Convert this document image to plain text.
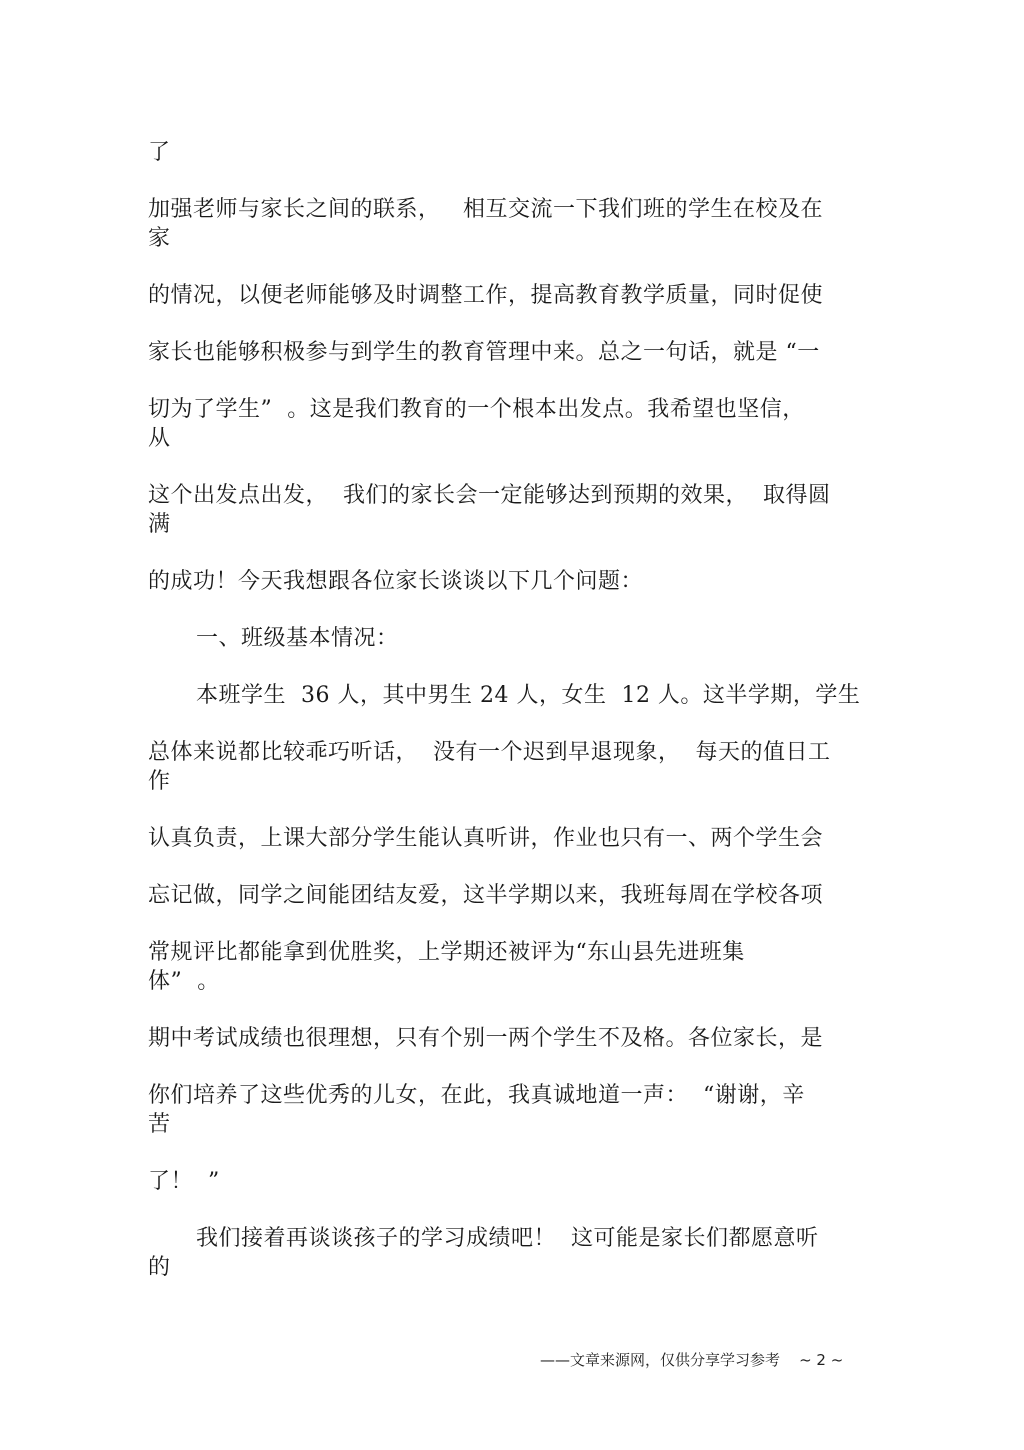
了
加强老师与家长之间的联系，   相互交流一下我们班的学生在校及在
家
的情况，以便老师能够及时调整工作，提高教育教学质量，同时促使
家长也能够积极参与到学生的教育管理中来。总之一句话，就是 “一
切为了学生”  。这是我们教育的一个根本出发点。我希望也坚信，
从
这个出发点出发，  我们的家长会一定能够达到预期的效果，  取得圆
满
的成功！今天我想跟各位家长谈谈以下几个问题：
一、班级基本情况：
本班学生  36 人，其中男生 24 人，女生  12 人。这半学期，学生
总体来说都比较乖巧听话，  没有一个迟到早退现象，  每天的值日工
作
认真负责，上课大部分学生能认真听讲，作业也只有一、两个学生会
忘记做，同学之间能团结友爱，这半学期以来，我班每周在学校各项
常规评比都能拿到优胜奖，上学期还被评为“东山县先进班集
体”  。
期中考试成绩也很理想，只有个别一两个学生不及格。各位家长，是
你们培养了这些优秀的儿女，在此，我真诚地道一声：  “谢谢，辛
苦
了！  ”
我们接着再谈谈孩子的学习成绩吧！  这可能是家长们都愿意听
的
——文章来源网，仅供分享学习参考 ~ 2 ~
